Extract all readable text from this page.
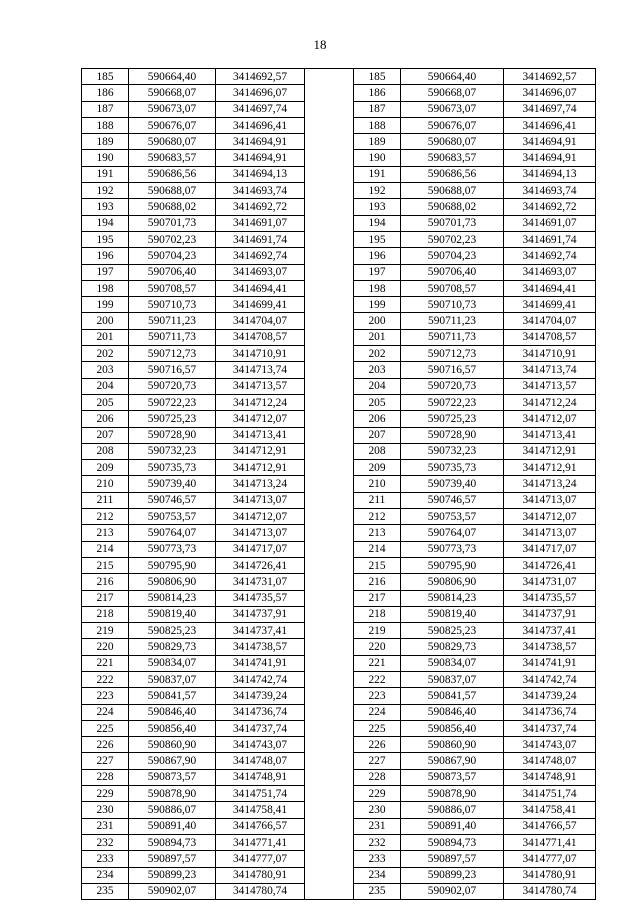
18
185	590664,40	3414692,57		185	590664,40	3414692,57
186	590668,07	3414696,07		186	590668,07	3414696,07
187	590673,07	3414697,74		187	590673,07	3414697,74
188	590676,07	3414696,41		188	590676,07	3414696,41
189	590680,07	3414694,91		189	590680,07	3414694,91
190	590683,57	3414694,91		190	590683,57	3414694,91
191	590686,56	3414694,13		191	590686,56	3414694,13
192	590688,07	3414693,74		192	590688,07	3414693,74
193	590688,02	3414692,72		193	590688,02	3414692,72
194	590701,73	3414691,07		194	590701,73	3414691,07
195	590702,23	3414691,74		195	590702,23	3414691,74
196	590704,23	3414692,74		196	590704,23	3414692,74
197	590706,40	3414693,07		197	590706,40	3414693,07
198	590708,57	3414694,41		198	590708,57	3414694,41
199	590710,73	3414699,41		199	590710,73	3414699,41
200	590711,23	3414704,07		200	590711,23	3414704,07
201	590711,73	3414708,57		201	590711,73	3414708,57
202	590712,73	3414710,91		202	590712,73	3414710,91
203	590716,57	3414713,74		203	590716,57	3414713,74
204	590720,73	3414713,57		204	590720,73	3414713,57
205	590722,23	3414712,24		205	590722,23	3414712,24
206	590725,23	3414712,07		206	590725,23	3414712,07
207	590728,90	3414713,41		207	590728,90	3414713,41
208	590732,23	3414712,91		208	590732,23	3414712,91
209	590735,73	3414712,91		209	590735,73	3414712,91
210	590739,40	3414713,24		210	590739,40	3414713,24
211	590746,57	3414713,07		211	590746,57	3414713,07
212	590753,57	3414712,07		212	590753,57	3414712,07
213	590764,07	3414713,07		213	590764,07	3414713,07
214	590773,73	3414717,07		214	590773,73	3414717,07
215	590795,90	3414726,41		215	590795,90	3414726,41
216	590806,90	3414731,07		216	590806,90	3414731,07
217	590814,23	3414735,57		217	590814,23	3414735,57
218	590819,40	3414737,91		218	590819,40	3414737,91
219	590825,23	3414737,41		219	590825,23	3414737,41
220	590829,73	3414738,57		220	590829,73	3414738,57
221	590834,07	3414741,91		221	590834,07	3414741,91
222	590837,07	3414742,74		222	590837,07	3414742,74
223	590841,57	3414739,24		223	590841,57	3414739,24
224	590846,40	3414736,74		224	590846,40	3414736,74
225	590856,40	3414737,74		225	590856,40	3414737,74
226	590860,90	3414743,07		226	590860,90	3414743,07
227	590867,90	3414748,07		227	590867,90	3414748,07
228	590873,57	3414748,91		228	590873,57	3414748,91
229	590878,90	3414751,74		229	590878,90	3414751,74
230	590886,07	3414758,41		230	590886,07	3414758,41
231	590891,40	3414766,57		231	590891,40	3414766,57
232	590894,73	3414771,41		232	590894,73	3414771,41
233	590897,57	3414777,07		233	590897,57	3414777,07
234	590899,23	3414780,91		234	590899,23	3414780,91
235	590902,07	3414780,74		235	590902,07	3414780,74
